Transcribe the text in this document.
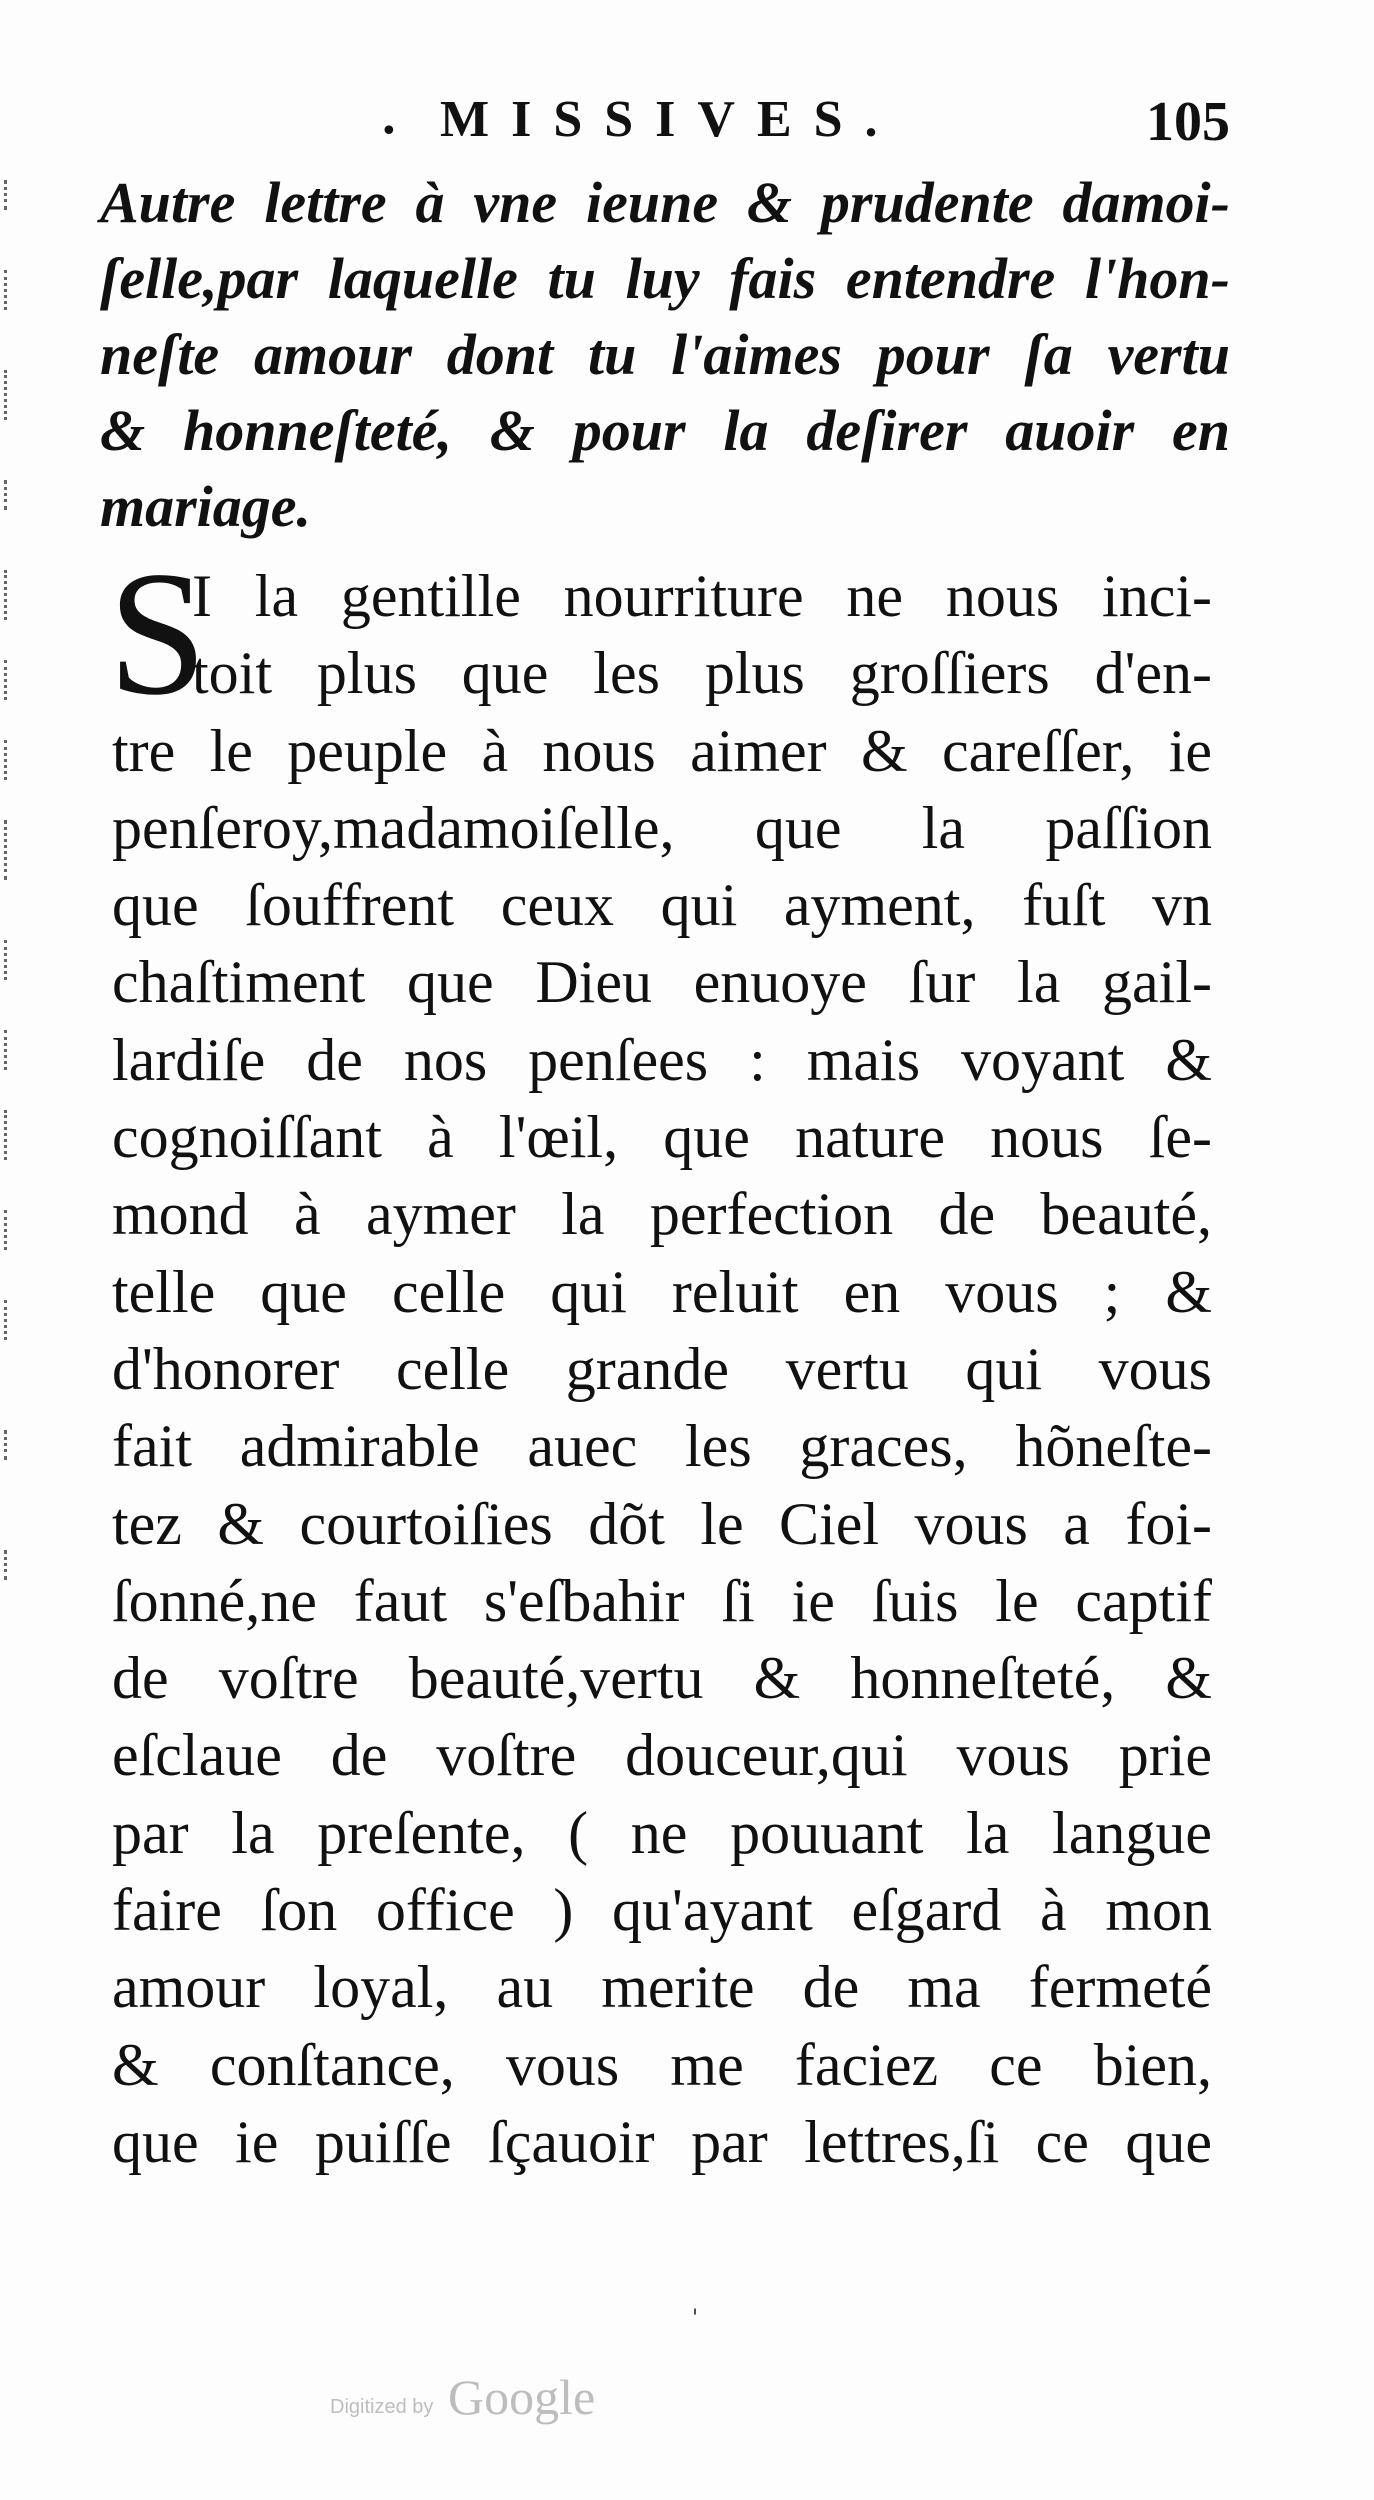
• MISSIVES.	105
Autre lettre à vne ieune & prudente damoi-
ſelle,par laquelle tu luy fais entendre l'hon-
neſte amour dont tu l'aimes pour ſa vertu
& honneſteté, & pour la deſirer auoir en
mariage.
S
I la gentille nourriture ne nous inci-
toit plus que les plus groſſiers d'en-
tre le peuple à nous aimer & careſſer, ie
penſeroy,madamoiſelle, que la paſſion
que ſouffrent ceux qui ayment, fuſt vn
chaſtiment que Dieu enuoye ſur la gail-
lardiſe de nos penſees : mais voyant &
cognoiſſant à l'œil, que nature nous ſe-
mond à aymer la perfection de beauté,
telle que celle qui reluit en vous ; &
d'honorer celle grande vertu qui vous
fait admirable auec les graces, hõneſte-
tez & courtoiſies dõt le Ciel vous a foi-
ſonné,ne faut s'eſbahir ſi ie ſuis le captif
de voſtre beauté,vertu & honneſteté, &
eſclaue de voſtre douceur,qui vous prie
par la preſente, ( ne pouuant la langue
faire ſon office ) qu'ayant eſgard à mon
amour loyal, au merite de ma fermeté
& conſtance, vous me faciez ce bien,
que ie puiſſe ſçauoir par lettres,ſi ce que
'
Digitized by Google
